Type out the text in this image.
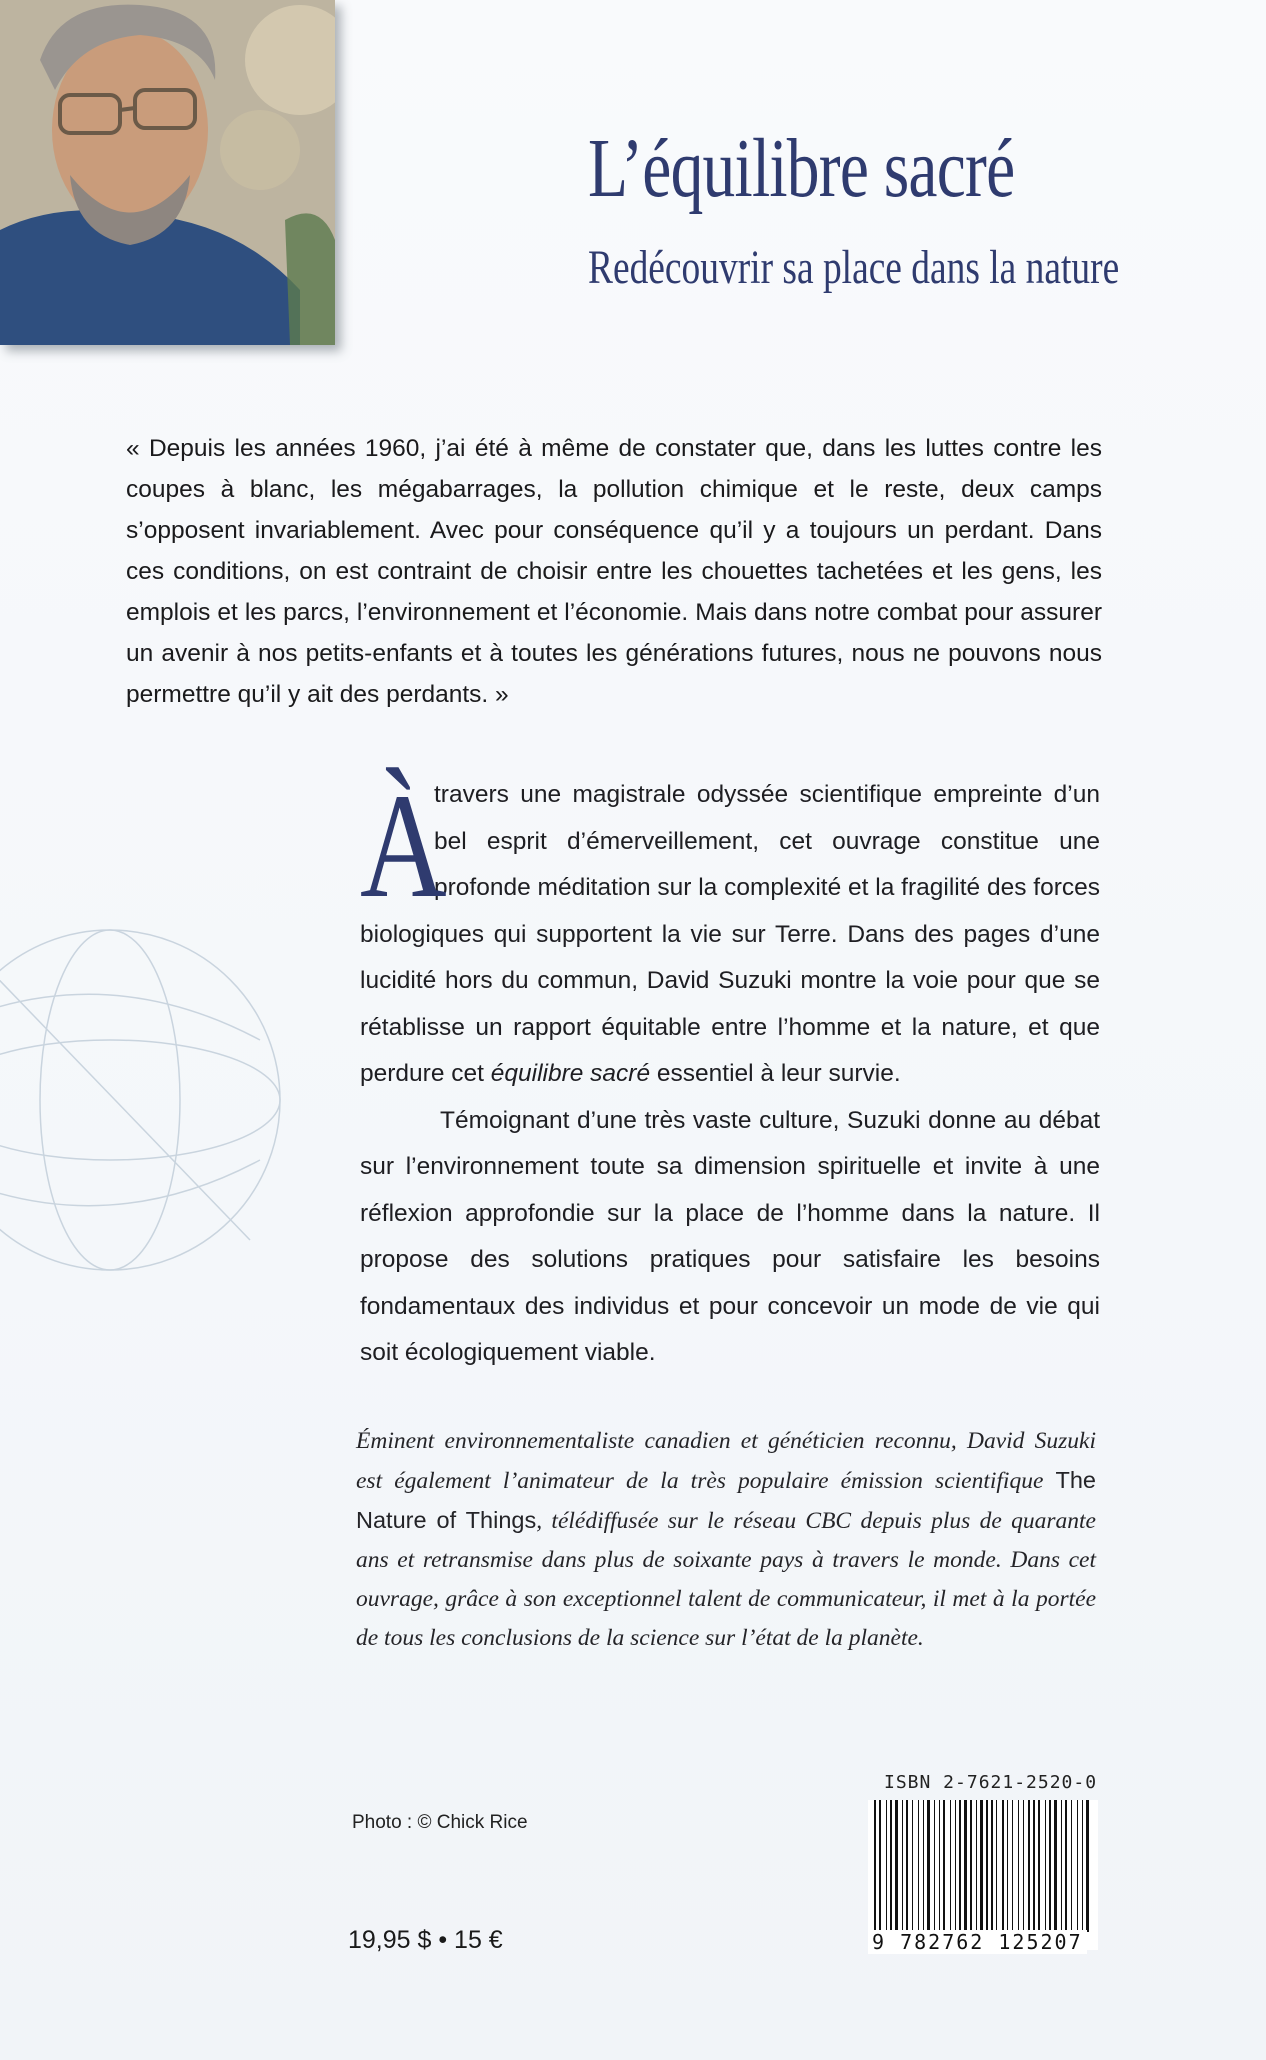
L’équilibre sacré
Redécouvrir sa place dans la nature

« Depuis les années 1960, j’ai été à même de constater que, dans les luttes contre les coupes à blanc, les mégabarrages, la pollution chimique et le reste, deux camps s’opposent invariablement. Avec pour conséquence qu’il y a toujours un perdant. Dans ces conditions, on est contraint de choisir entre les chouettes tachetées et les gens, les emplois et les parcs, l’environnement et l’économie. Mais dans notre combat pour assurer un avenir à nos petits-enfants et à toutes les générations futures, nous ne pouvons nous permettre qu’il y ait des perdants. »

À
travers une magistrale odyssée scientifique empreinte d’un bel esprit d’émerveillement, cet ouvrage constitue une profonde méditation sur la complexité et la fragilité des forces biologiques qui supportent la vie sur Terre. Dans des pages d’une lucidité hors du commun, David Suzuki montre la voie pour que se rétablisse un rapport équitable entre l’homme et la nature, et que perdure cet équilibre sacré essentiel à leur survie.

Témoignant d’une très vaste culture, Suzuki donne au débat sur l’environnement toute sa dimension spirituelle et invite à une réflexion approfondie sur la place de l’homme dans la nature. Il propose des solutions pratiques pour satisfaire les besoins fondamentaux des individus et pour concevoir un mode de vie qui soit écologiquement viable.

Éminent environnementaliste canadien et généticien reconnu, David Suzuki est également l’animateur de la très populaire émission scientifique The Nature of Things, télédiffusée sur le réseau CBC depuis plus de quarante ans et retransmise dans plus de soixante pays à travers le monde. Dans cet ouvrage, grâce à son exceptionnel talent de communicateur, il met à la portée de tous les conclusions de la science sur l’état de la planète.

Photo : © Chick Rice

19,95 $ • 15 €

ISBN 2-7621-2520-0

9 782762 125207
